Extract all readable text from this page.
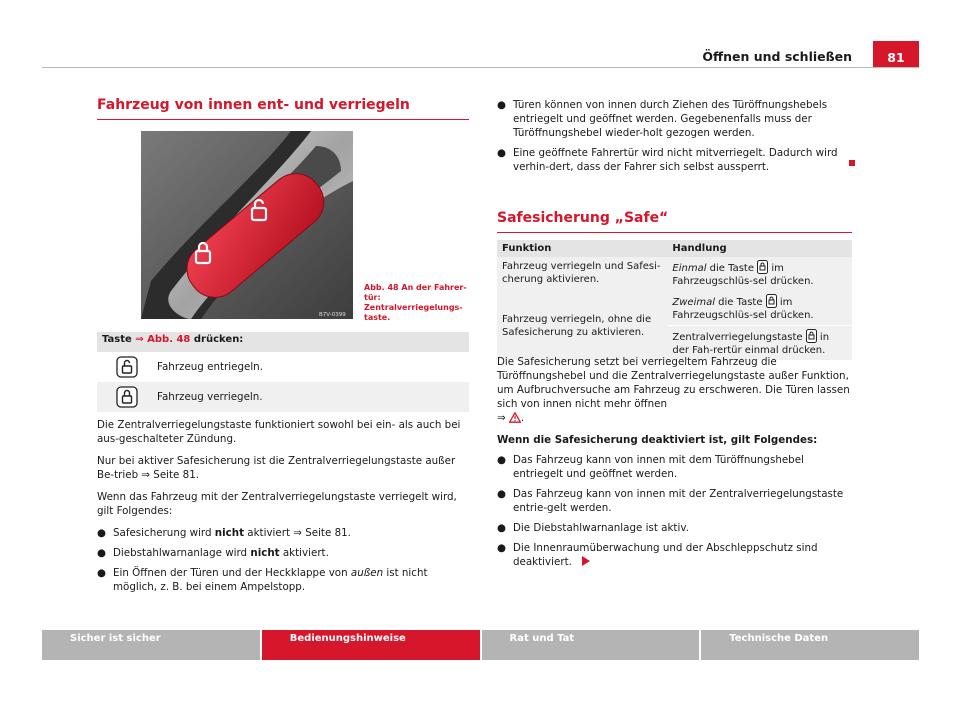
Öffnen und schließen	81
Fahrzeug von innen ent- und verriegeln
B7V-0399
Abb. 48 An der Fahrer-tür: Zentralverriegelungs-taste.
Taste ⇒ Abb. 48 drücken:
Fahrzeug entriegeln.
Fahrzeug verriegeln.

Die Zentralverriegelungstaste funktioniert sowohl bei ein- als auch bei aus-geschalteter Zündung.

Nur bei aktiver Safesicherung ist die Zentralverriegelungstaste außer Be-trieb ⇒ Seite 81.

Wenn das Fahrzeug mit der Zentralverriegelungstaste verriegelt wird, gilt Folgendes:

● Safesicherung wird nicht aktiviert ⇒ Seite 81.
● Diebstahlwarnanlage wird nicht aktiviert.
● Ein Öffnen der Türen und der Heckklappe von außen ist nicht möglich, z. B. bei einem Ampelstopp.
● Türen können von innen durch Ziehen des Türöffnungshebels entriegelt und geöffnet werden. Gegebenenfalls muss der Türöffnungshebel wieder-holt gezogen werden.
● Eine geöffnete Fahrertür wird nicht mitverriegelt. Dadurch wird verhin-dert, dass der Fahrer sich selbst aussperrt.
Safesicherung „Safe“
Funktion	Handlung
Fahrzeug verriegeln und Safesi-cherung aktivieren.	Einmal die Taste  im Fahrzeugschlüs-sel drücken.
Fahrzeug verriegeln, ohne die Safesicherung zu aktivieren.	Zweimal die Taste  im Fahrzeugschlüs-sel drücken.
	Zentralverriegelungstaste  in der Fah-rertür einmal drücken.

Die Safesicherung setzt bei verriegeltem Fahrzeug die Türöffnungshebel und die Zentralverriegelungstaste außer Funktion, um Aufbruchversuche am Fahrzeug zu erschweren. Die Türen lassen sich von innen nicht mehr öffnen
⇒ .

Wenn die Safesicherung deaktiviert ist, gilt Folgendes:

● Das Fahrzeug kann von innen mit dem Türöffnungshebel entriegelt und geöffnet werden.
● Das Fahrzeug kann von innen mit der Zentralverriegelungstaste entrie-gelt werden.
● Die Diebstahlwarnanlage ist aktiv.
● Die Innenraumüberwachung und der Abschleppschutz sind deaktiviert.
Sicher ist sicher	Bedienungshinweise	Rat und Tat	Technische Daten
